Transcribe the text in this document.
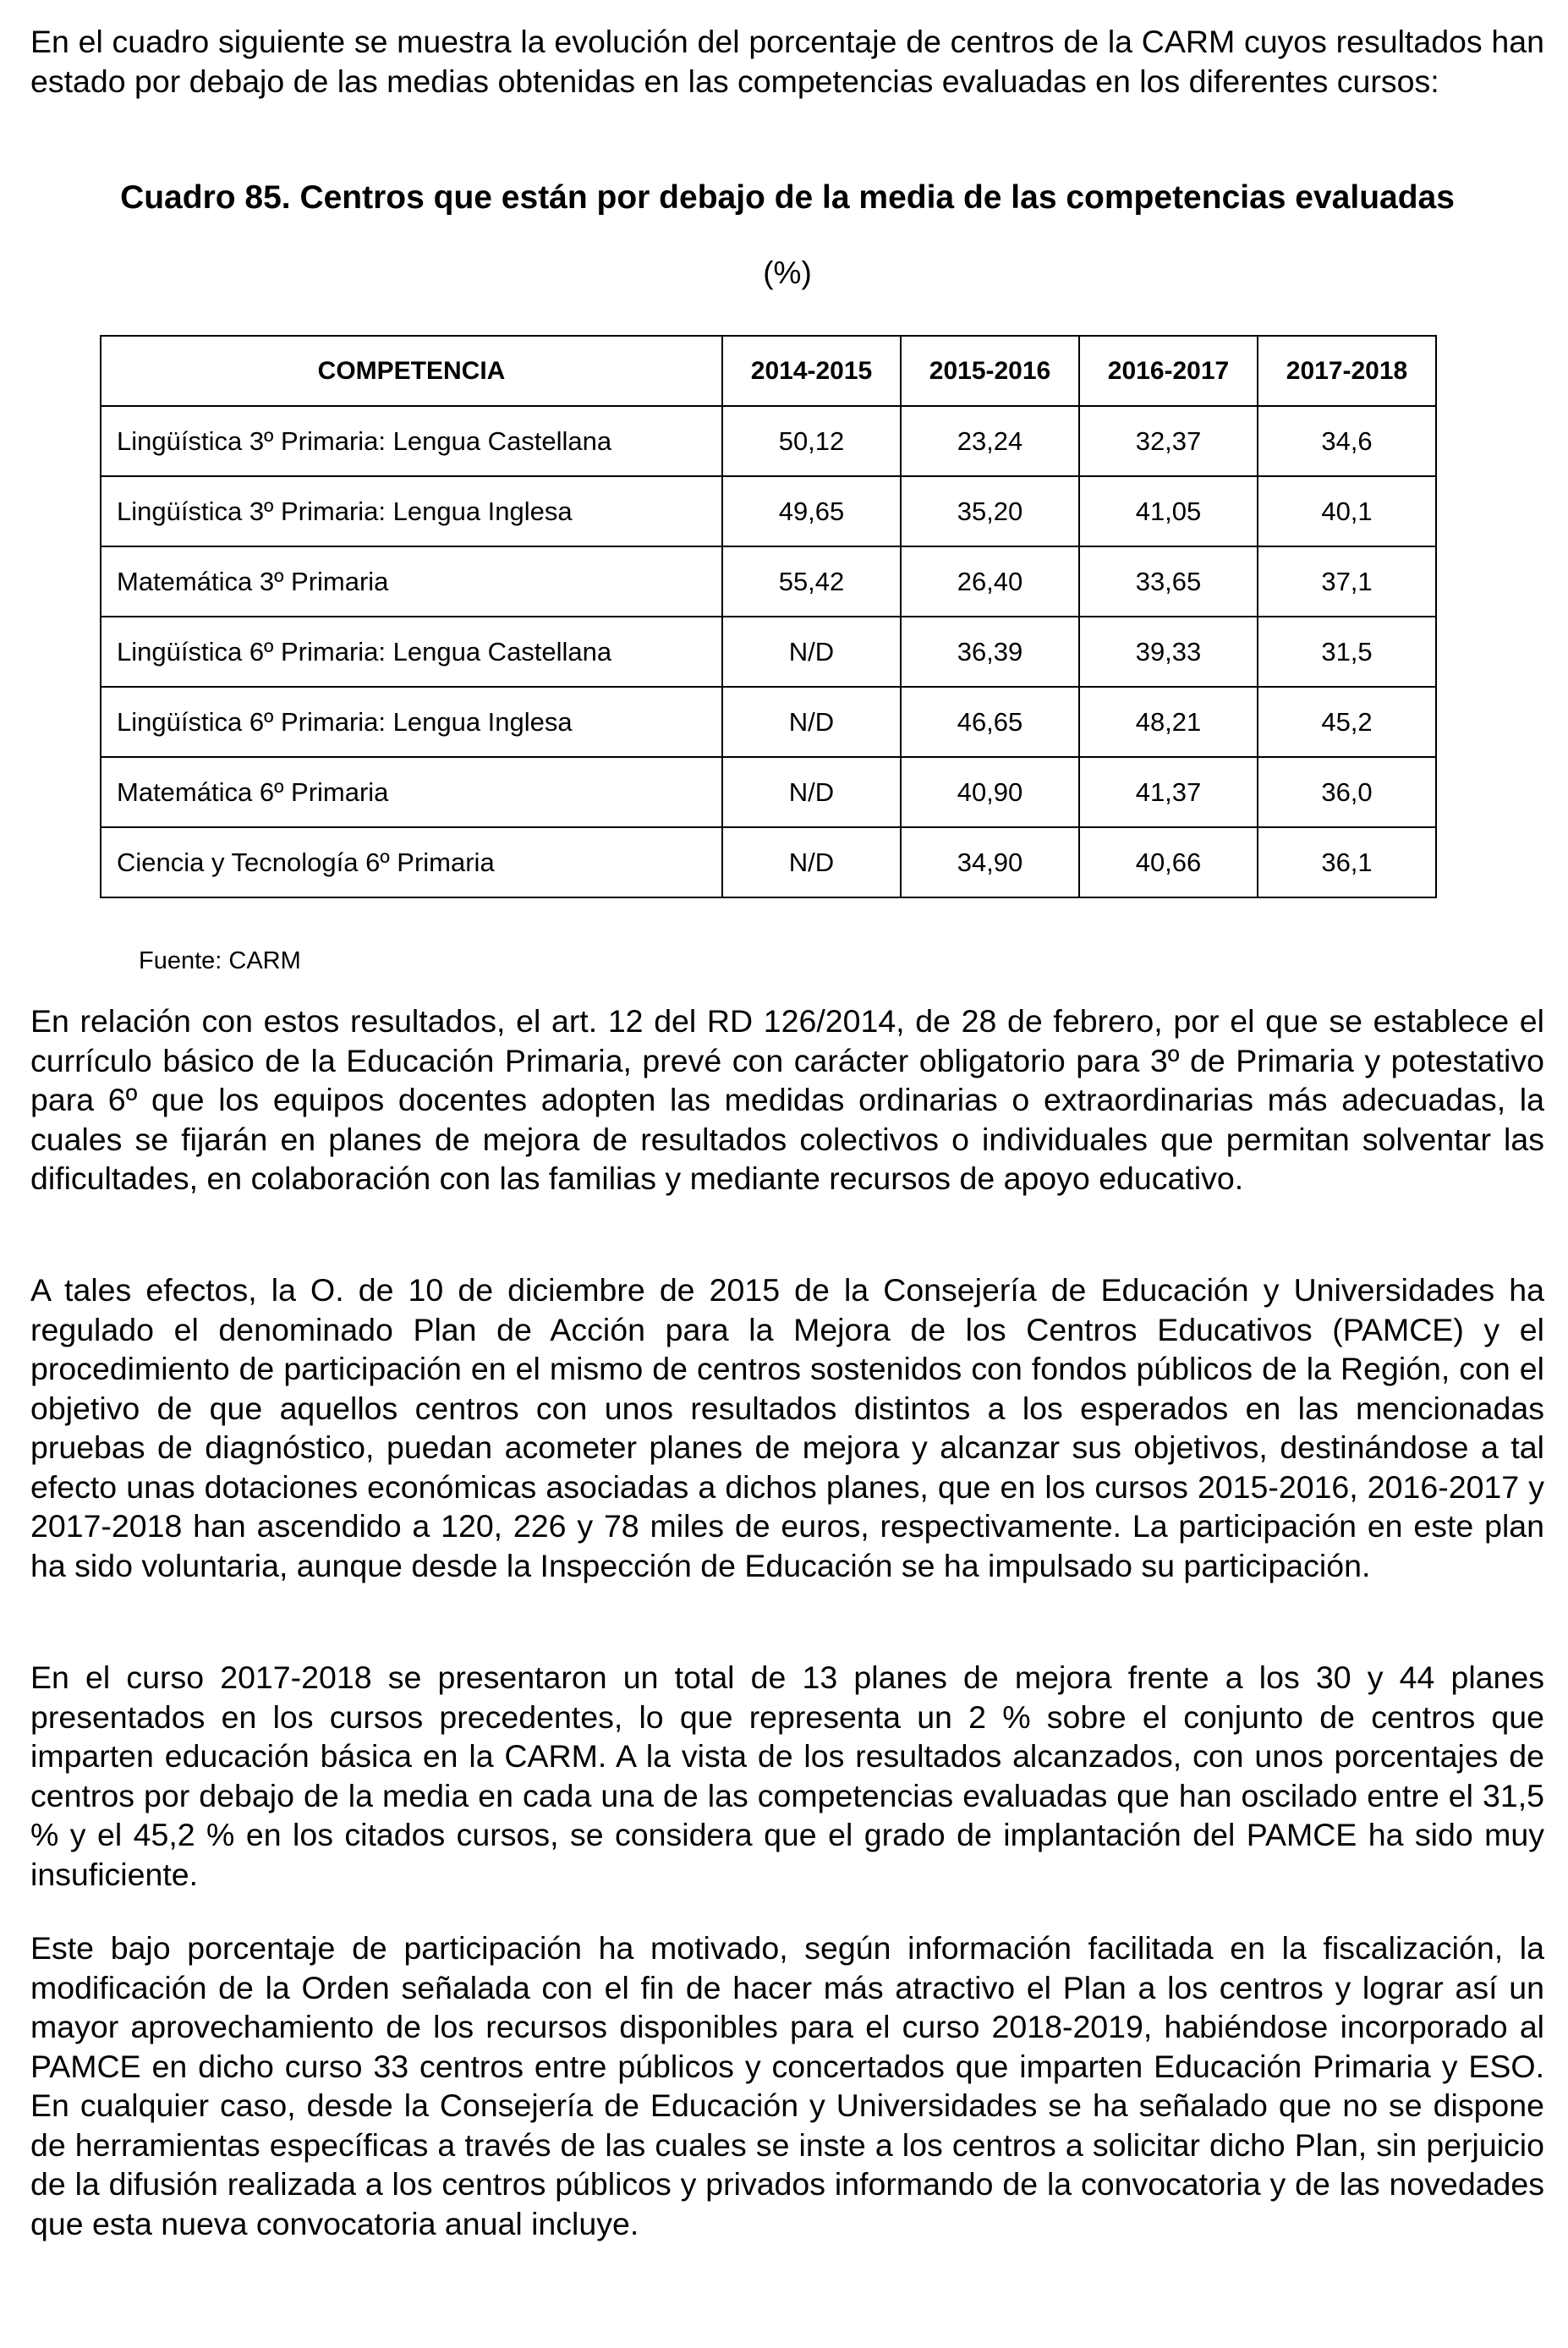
En el cuadro siguiente se muestra la evolución del porcentaje de centros de la CARM cuyos resultados han estado por debajo de las medias obtenidas en las competencias evaluadas en los diferentes cursos:

Cuadro 85. Centros que están por debajo de la media de las competencias evaluadas

(%)
COMPETENCIA	2014-2015	2015-2016	2016-2017	2017-2018
Lingüística 3º Primaria: Lengua Castellana	50,12	23,24	32,37	34,6
Lingüística 3º Primaria: Lengua Inglesa	49,65	35,20	41,05	40,1
Matemática 3º Primaria	55,42	26,40	33,65	37,1
Lingüística 6º Primaria: Lengua Castellana	N/D	36,39	39,33	31,5
Lingüística 6º Primaria: Lengua Inglesa	N/D	46,65	48,21	45,2
Matemática 6º Primaria	N/D	40,90	41,37	36,0
Ciencia y Tecnología 6º Primaria	N/D	34,90	40,66	36,1
Fuente: CARM

En relación con estos resultados, el art. 12 del RD 126/2014, de 28 de febrero, por el que se establece el currículo básico de la Educación Primaria, prevé con carácter obligatorio para 3º de Primaria y potestativo para 6º que los equipos docentes adopten las medidas ordinarias o extraordinarias más adecuadas, la cuales se fijarán en planes de mejora de resultados colectivos o individuales que permitan solventar las dificultades, en colaboración con las familias y mediante recursos de apoyo educativo.

A tales efectos, la O. de 10 de diciembre de 2015 de la Consejería de Educación y Universidades ha regulado el denominado Plan de Acción para la Mejora de los Centros Educativos (PAMCE) y el procedimiento de participación en el mismo de centros sostenidos con fondos públicos de la Región, con el objetivo de que aquellos centros con unos resultados distintos a los esperados en las mencionadas pruebas de diagnóstico, puedan acometer planes de mejora y alcanzar sus objetivos, destinándose a tal efecto unas dotaciones económicas asociadas a dichos planes, que en los cursos 2015-2016, 2016-2017 y 2017-2018 han ascendido a 120, 226 y 78 miles de euros, respectivamente. La participación en este plan ha sido voluntaria, aunque desde la Inspección de Educación se ha impulsado su participación.

En el curso 2017-2018 se presentaron un total de 13 planes de mejora frente a los 30 y 44 planes presentados en los cursos precedentes, lo que representa un 2 % sobre el conjunto de centros que imparten educación básica en la CARM. A la vista de los resultados alcanzados, con unos porcentajes de centros por debajo de la media en cada una de las competencias evaluadas que han oscilado entre el 31,5 % y el 45,2 % en los citados cursos, se considera que el grado de implantación del PAMCE ha sido muy insuficiente.

Este bajo porcentaje de participación ha motivado, según información facilitada en la fiscalización, la modificación de la Orden señalada con el fin de hacer más atractivo el Plan a los centros y lograr así un mayor aprovechamiento de los recursos disponibles para el curso 2018-2019, habiéndose incorporado al PAMCE en dicho curso 33 centros entre públicos y concertados que imparten Educación Primaria y ESO. En cualquier caso, desde la Consejería de Educación y Universidades se ha señalado que no se dispone de herramientas específicas a través de las cuales se inste a los centros a solicitar dicho Plan, sin perjuicio de la difusión realizada a los centros públicos y privados informando de la convocatoria y de las novedades que esta nueva convocatoria anual incluye.
